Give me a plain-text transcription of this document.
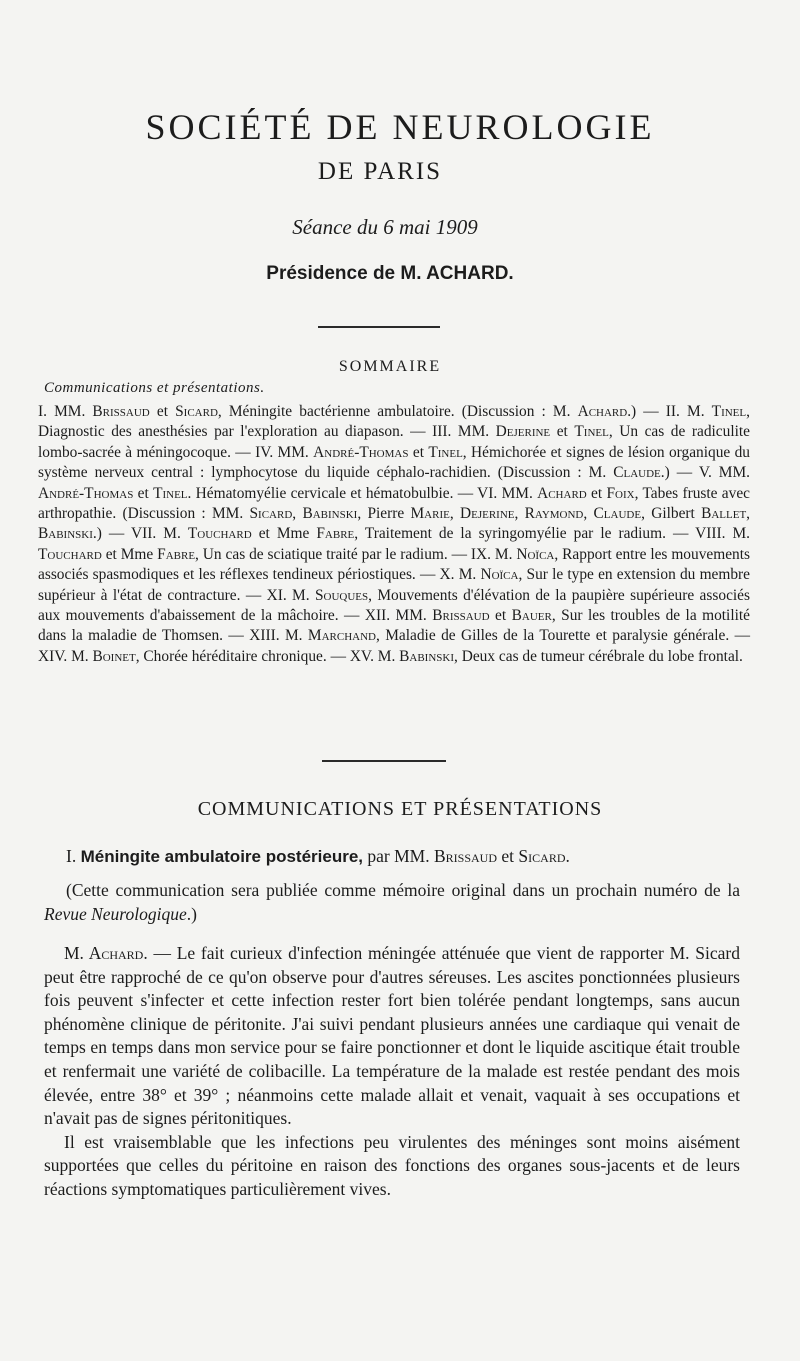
SOCIÉTÉ DE NEUROLOGIE
DE PARIS
Séance du 6 mai 1909
Présidence de M. ACHARD.
SOMMAIRE
Communications et présentations.
I. MM. Brissaud et Sicard, Méningite bactérienne ambulatoire. (Discussion : M. Achard.) — II. M. Tinel, Diagnostic des anesthésies par l'exploration au diapason. — III. MM. Dejerine et Tinel, Un cas de radiculite lombo-sacrée à méningocoque. — IV. MM. André-Thomas et Tinel, Hémichorée et signes de lésion organique du système nerveux central : lymphocytose du liquide céphalo-rachidien. (Discussion : M. Claude.) — V. MM. André-Thomas et Tinel. Hématomyélie cervicale et hématobulbie. — VI. MM. Achard et Foix, Tabes fruste avec arthropathie. (Discussion : MM. Sicard, Babinski, Pierre Marie, Dejerine, Raymond, Claude, Gilbert Ballet, Babinski.) — VII. M. Touchard et Mme Fabre, Traitement de la syringomyélie par le radium. — VIII. M. Touchard et Mme Fabre, Un cas de sciatique traité par le radium. — IX. M. Noïca, Rapport entre les mouvements associés spasmodiques et les réflexes tendineux périostiques. — X. M. Noïca, Sur le type en extension du membre supérieur à l'état de contracture. — XI. M. Souques, Mouvements d'élévation de la paupière supérieure associés aux mouvements d'abaissement de la mâchoire. — XII. MM. Brissaud et Bauer, Sur les troubles de la motilité dans la maladie de Thomsen. — XIII. M. Marchand, Maladie de Gilles de la Tourette et paralysie générale. — XIV. M. Boinet, Chorée héréditaire chronique. — XV. M. Babinski, Deux cas de tumeur cérébrale du lobe frontal.
COMMUNICATIONS ET PRÉSENTATIONS
I. Méningite ambulatoire postérieure, par MM. Brissaud et Sicard.
(Cette communication sera publiée comme mémoire original dans un prochain numéro de la Revue Neurologique.)

M. Achard. — Le fait curieux d'infection méningée atténuée que vient de rapporter M. Sicard peut être rapproché de ce qu'on observe pour d'autres séreuses. Les ascites ponctionnées plusieurs fois peuvent s'infecter et cette infection rester fort bien tolérée pendant longtemps, sans aucun phénomène clinique de péritonite. J'ai suivi pendant plusieurs années une cardiaque qui venait de temps en temps dans mon service pour se faire ponctionner et dont le liquide ascitique était trouble et renfermait une variété de colibacille. La température de la malade est restée pendant des mois élevée, entre 38° et 39° ; néanmoins cette malade allait et venait, vaquait à ses occupations et n'avait pas de signes péritonitiques.

Il est vraisemblable que les infections peu virulentes des méninges sont moins aisément supportées que celles du péritoine en raison des fonctions des organes sous-jacents et de leurs réactions symptomatiques particulièrement vives.
